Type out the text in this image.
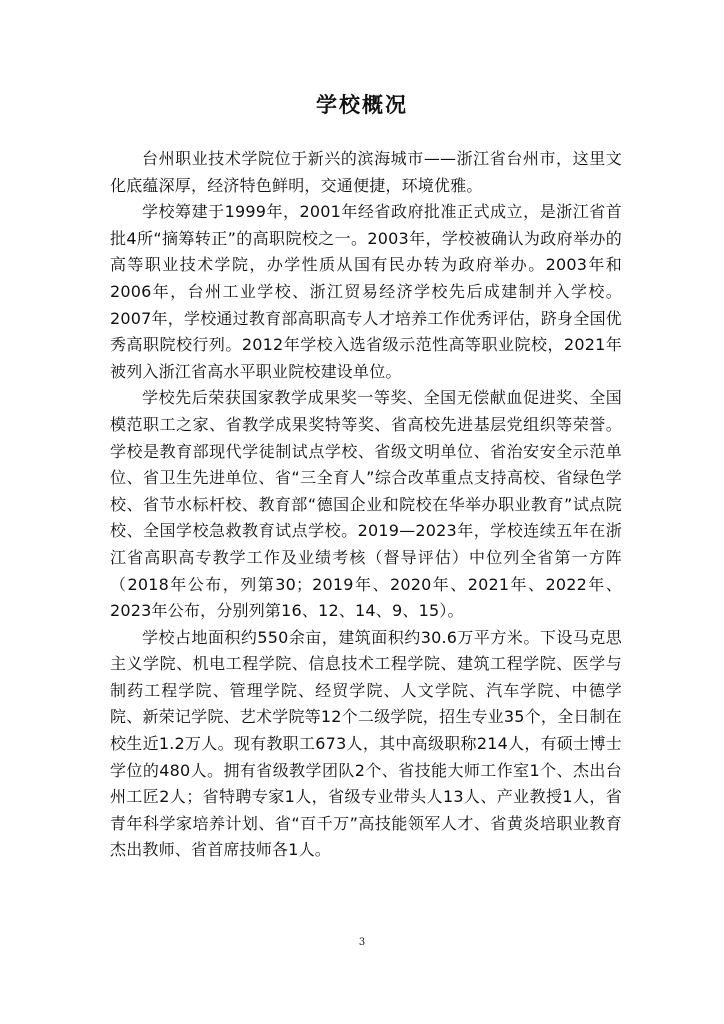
学校概况

台州职业技术学院位于新兴的滨海城市——浙江省台州市，这里文化底蕴深厚，经济特色鲜明，交通便捷，环境优雅。

学校筹建于1999年，2001年经省政府批准正式成立，是浙江省首批4所“摘筹转正”的高职院校之一。2003年，学校被确认为政府举办的高等职业技术学院，办学性质从国有民办转为政府举办。2003年和2006年，台州工业学校、浙江贸易经济学校先后成建制并入学校。2007年，学校通过教育部高职高专人才培养工作优秀评估，跻身全国优秀高职院校行列。2012年学校入选省级示范性高等职业院校，2021年被列入浙江省高水平职业院校建设单位。

学校先后荣获国家教学成果奖一等奖、全国无偿献血促进奖、全国模范职工之家、省教学成果奖特等奖、省高校先进基层党组织等荣誉。学校是教育部现代学徒制试点学校、省级文明单位、省治安安全示范单位、省卫生先进单位、省“三全育人”综合改革重点支持高校、省绿色学校、省节水标杆校、教育部“德国企业和院校在华举办职业教育”试点院校、全国学校急救教育试点学校。2019—2023年，学校连续五年在浙江省高职高专教学工作及业绩考核（督导评估）中位列全省第一方阵（2018年公布，列第30；2019年、2020年、2021年、2022年、2023年公布，分别列第16、12、14、9、15）。

学校占地面积约550余亩，建筑面积约30.6万平方米。下设马克思主义学院、机电工程学院、信息技术工程学院、建筑工程学院、医学与制药工程学院、管理学院、经贸学院、人文学院、汽车学院、中德学院、新荣记学院、艺术学院等12个二级学院，招生专业35个，全日制在校生近1.2万人。现有教职工673人，其中高级职称214人，有硕士博士学位的480人。拥有省级教学团队2个、省技能大师工作室1个、杰出台州工匠2人；省特聘专家1人，省级专业带头人13人、产业教授1人，省青年科学家培养计划、省“百千万”高技能领军人才、省黄炎培职业教育杰出教师、省首席技师各1人。

3
